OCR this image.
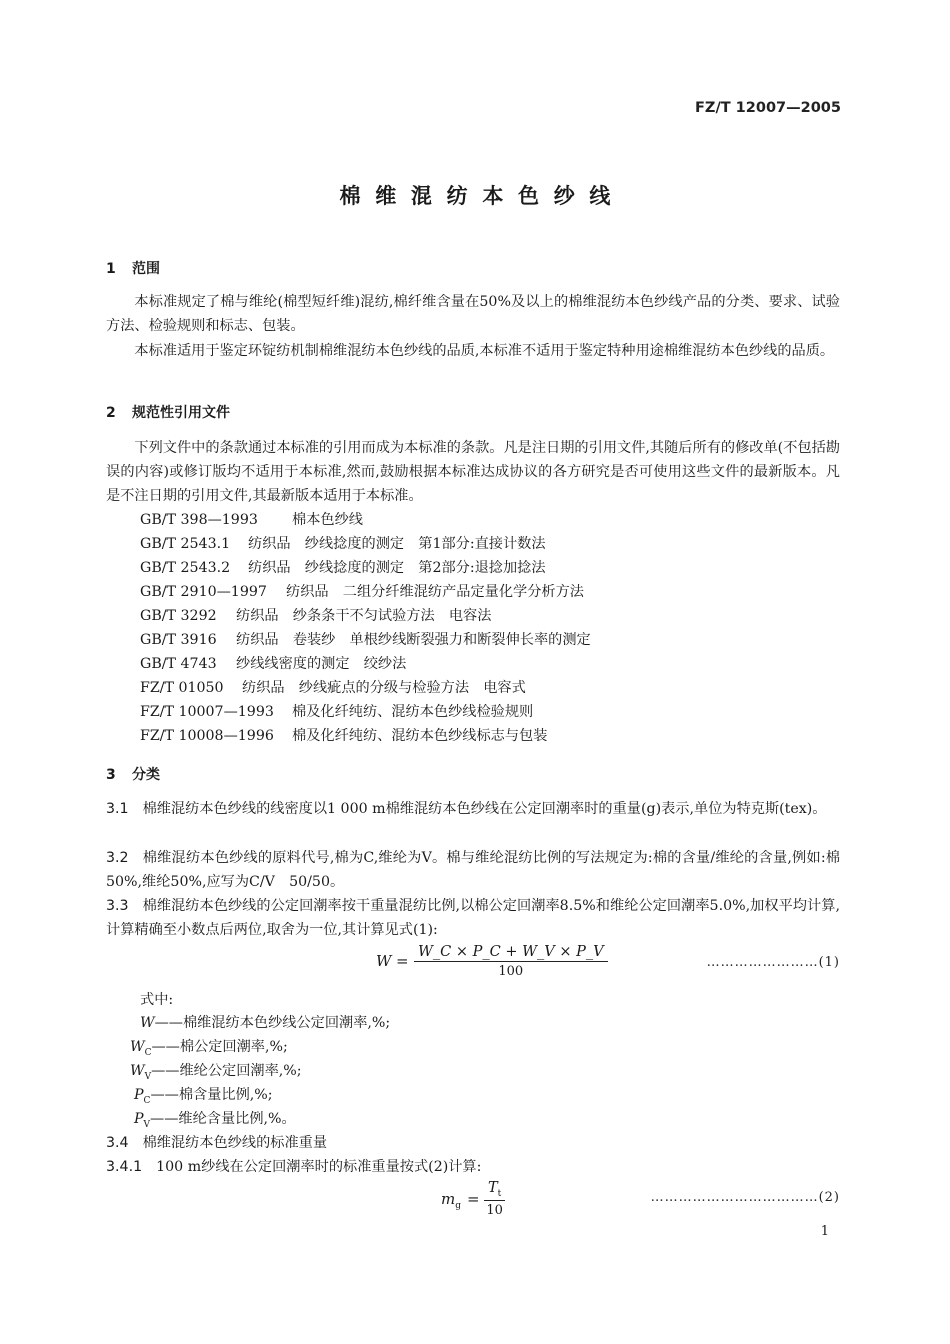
FZ/T 12007—2005
棉维混纺本色纱线
1 范围
本标准规定了棉与维纶(棉型短纤维)混纺,棉纤维含量在50%及以上的棉维混纺本色纱线产品的分类、要求、试验方法、检验规则和标志、包装。
本标准适用于鉴定环锭纺机制棉维混纺本色纱线的品质,本标准不适用于鉴定特种用途棉维混纺本色纱线的品质。
2 规范性引用文件
下列文件中的条款通过本标准的引用而成为本标准的条款。凡是注日期的引用文件,其随后所有的修改单(不包括勘误的内容)或修订版均不适用于本标准,然而,鼓励根据本标准达成协议的各方研究是否可使用这些文件的最新版本。凡是不注日期的引用文件,其最新版本适用于本标准。
GB/T 398—1993 棉本色纱线
GB/T 2543.1 纺织品　纱线捻度的测定　第1部分:直接计数法
GB/T 2543.2 纺织品　纱线捻度的测定　第2部分:退捻加捻法
GB/T 2910—1997 纺织品　二组分纤维混纺产品定量化学分析方法
GB/T 3292 纺织品　纱条条干不匀试验方法　电容法
GB/T 3916 纺织品　卷装纱　单根纱线断裂强力和断裂伸长率的测定
GB/T 4743 纱线线密度的测定　绞纱法
FZ/T 01050 纺织品　纱线疵点的分级与检验方法　电容式
FZ/T 10007—1993 棉及化纤纯纺、混纺本色纱线检验规则
FZ/T 10008—1996 棉及化纤纯纺、混纺本色纱线标志与包装
3 分类
3.1 棉维混纺本色纱线的线密度以1 000 m棉维混纺本色纱线在公定回潮率时的重量(g)表示,单位为特克斯(tex)。
3.2 棉维混纺本色纱线的原料代号,棉为C,维纶为V。棉与维纶混纺比例的写法规定为:棉的含量/维纶的含量,例如:棉50%,维纶50%,应写为C/V　50/50。
3.3 棉维混纺本色纱线的公定回潮率按干重量混纺比例,以棉公定回潮率8.5%和维纶公定回潮率5.0%,加权平均计算,计算精确至小数点后两位,取舍为一位,其计算见式(1):
$W = \frac{W\_C \times P\_C + W\_V \times P\_V}{100}$	……………………(1)
式中:
W——棉维混纺本色纱线公定回潮率,%;
$W_C——$棉公定回潮率,%;
$W_V——$维纶公定回潮率,%;
$P_C——$棉含量比例,%;
$P_V——$维纶含量比例,%。
3.4 棉维混纺本色纱线的标准重量
3.4.1 100 m纱线在公定回潮率时的标准重量按式(2)计算:
$m_g = \frac{T_t}{10}$	………………………………(2)
1
